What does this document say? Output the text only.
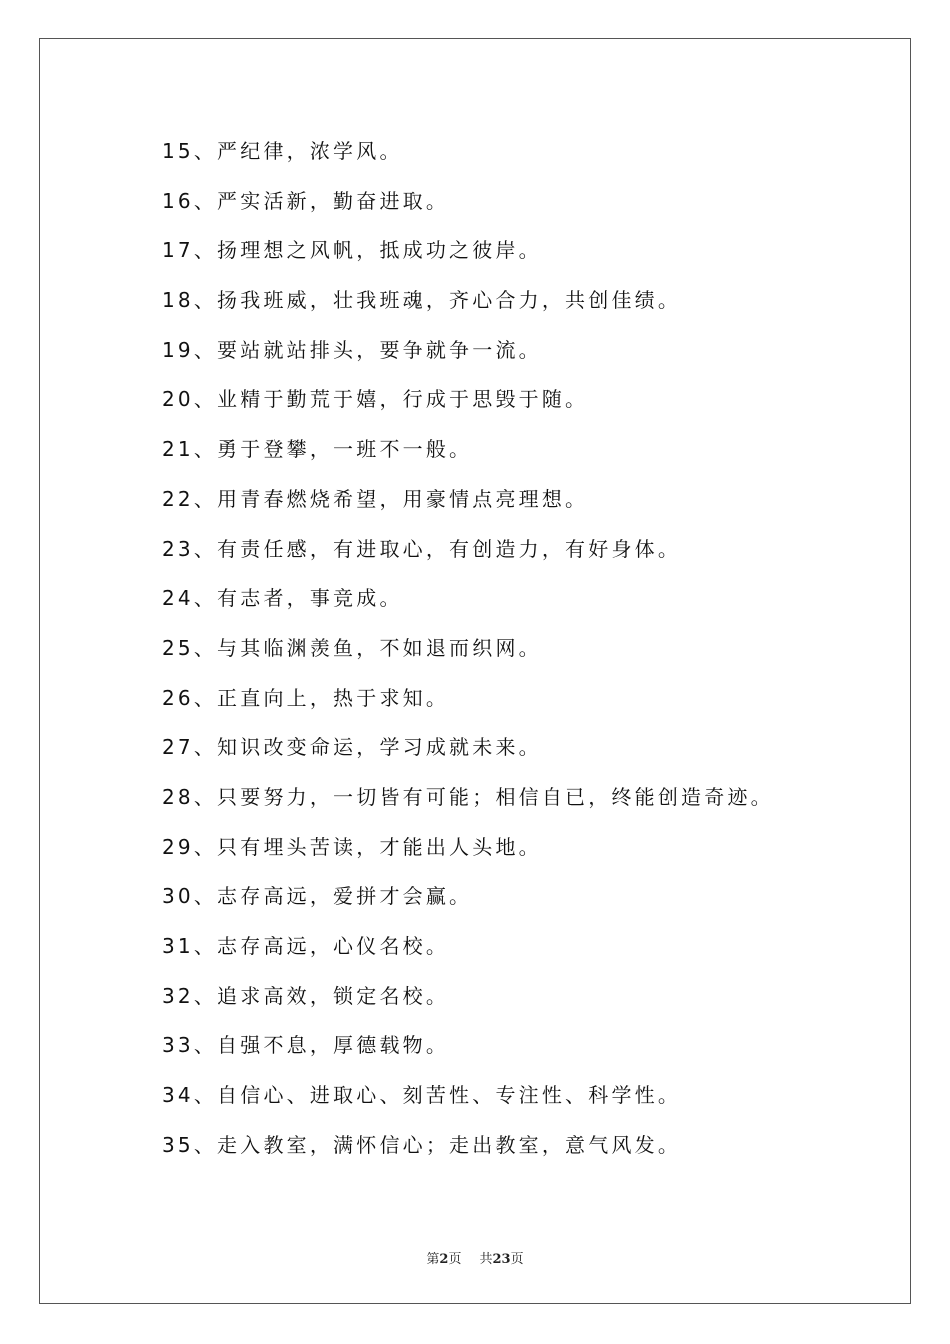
15、严纪律，浓学风。
16、严实活新，勤奋进取。
17、扬理想之风帆，抵成功之彼岸。
18、扬我班威，壮我班魂，齐心合力，共创佳绩。
19、要站就站排头，要争就争一流。
20、业精于勤荒于嬉，行成于思毁于随。
21、勇于登攀，一班不一般。
22、用青春燃烧希望，用豪情点亮理想。
23、有责任感，有进取心，有创造力，有好身体。
24、有志者，事竞成。
25、与其临渊羡鱼，不如退而织网。
26、正直向上，热于求知。
27、知识改变命运，学习成就未来。
28、只要努力，一切皆有可能；相信自已，终能创造奇迹。
29、只有埋头苦读，才能出人头地。
30、志存高远，爱拼才会赢。
31、志存高远，心仪名校。
32、追求高效，锁定名校。
33、自强不息，厚德载物。
34、自信心、进取心、刻苦性、专注性、科学性。
35、走入教室，满怀信心；走出教室，意气风发。
第2页 共23页
